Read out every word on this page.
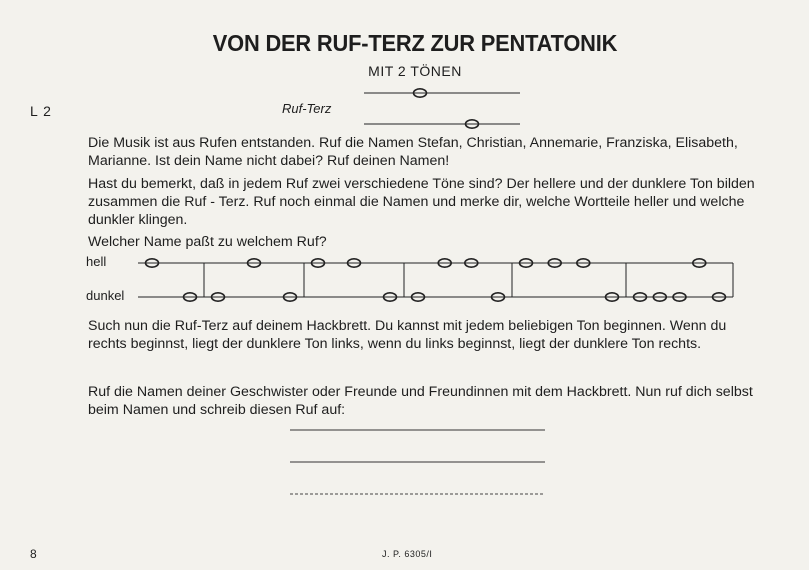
VON DER RUF-TERZ ZUR PENTATONIK
MIT 2 TÖNEN
L 2	Ruf-Terz

Die Musik ist aus Rufen entstanden. Ruf die Namen Stefan, Christian, Annemarie, Franziska, Elisabeth, Marianne. Ist dein Name nicht dabei? Ruf deinen Namen!

Hast du bemerkt, daß in jedem Ruf zwei verschiedene Töne sind? Der hellere und der dunklere Ton bilden zusammen die Ruf - Terz. Ruf noch einmal die Namen und merke dir, welche Wortteile heller und welche dunkler klingen.

Welcher Name paßt zu welchem Ruf?

hell
dunkel

Such nun die Ruf-Terz auf deinem Hackbrett. Du kannst mit jedem beliebigen Ton beginnen. Wenn du rechts beginnst, liegt der dunklere Ton links, wenn du links beginnst, liegt der dunklere Ton rechts.

Ruf die Namen deiner Geschwister oder Freunde und Freundinnen mit dem Hackbrett. Nun ruf dich selbst beim Namen und schreib diesen Ruf auf:

8	J. P. 6305/I
